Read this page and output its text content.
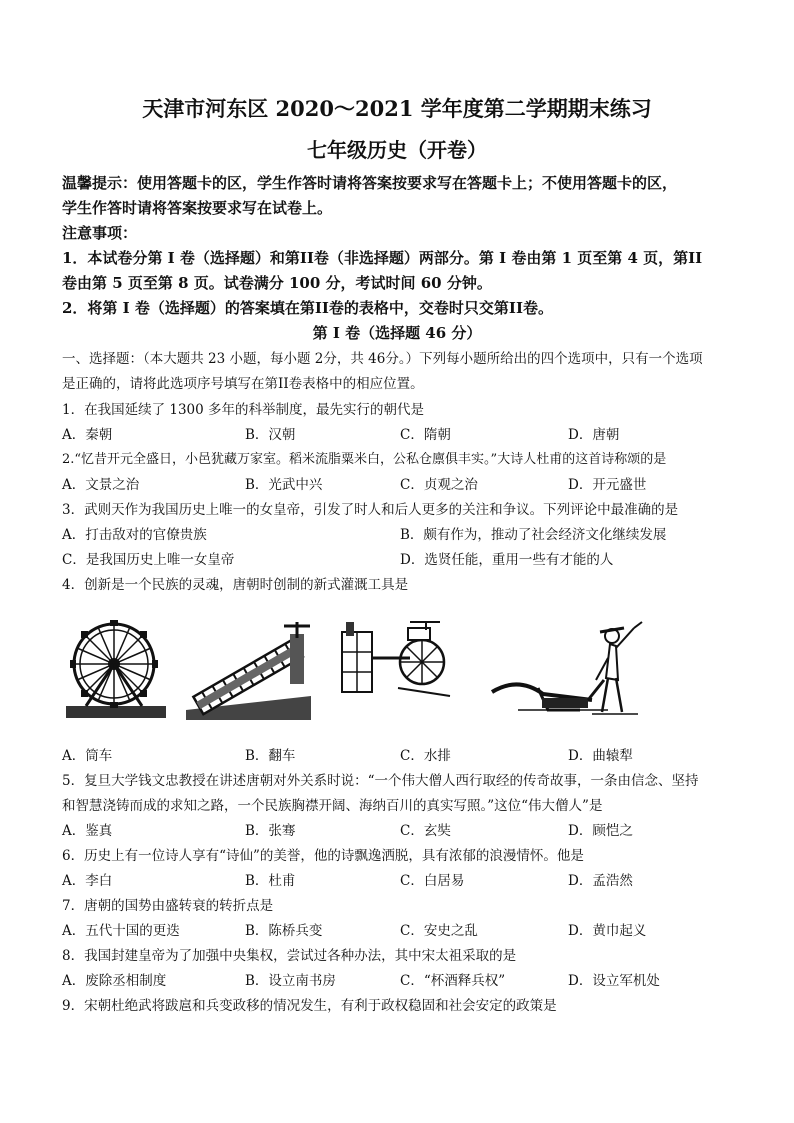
天津市河东区 2020～2021 学年度第二学期期末练习
七年级历史（开卷）
温馨提示：使用答题卡的区，学生作答时请将答案按要求写在答题卡上；不使用答题卡的区，
学生作答时请将答案按要求写在试卷上。
注意事项：
1．本试卷分第 I 卷（选择题）和第II卷（非选择题）两部分。第 I 卷由第 1 页至第 4 页，第II
卷由第 5 页至第 8 页。试卷满分 100 分，考试时间 60 分钟。
2．将第 I 卷（选择题）的答案填在第II卷的表格中，交卷时只交第II卷。
第 I 卷（选择题 46 分）
一、选择题：（本大题共 23 小题，每小题 2分，共 46分。）下列每小题所给出的四个选项中，只有一个选项
是正确的，请将此选项序号填写在第II卷表格中的相应位置。
1．在我国延续了 1300 多年的科举制度，最先实行的朝代是
A．秦朝	B．汉朝	C．隋朝	D．唐朝
2.“忆昔开元全盛日，小邑犹藏万家室。稻米流脂粟米白，公私仓廪俱丰实。”大诗人杜甫的这首诗称颂的是
A．文景之治	B．光武中兴	C．贞观之治	D．开元盛世
3．武则天作为我国历史上唯一的女皇帝，引发了时人和后人更多的关注和争议。下列评论中最准确的是
A．打击敌对的官僚贵族	B．颇有作为，推动了社会经济文化继续发展
C．是我国历史上唯一女皇帝	D．选贤任能，重用一些有才能的人
4．创新是一个民族的灵魂，唐朝时创制的新式灌溉工具是
A．筒车	B．翻车	C．水排	D．曲辕犁
5．复旦大学钱文忠教授在讲述唐朝对外关系时说：“一个伟大僧人西行取经的传奇故事，一条由信念、坚持
和智慧浇铸而成的求知之路，一个民族胸襟开阔、海纳百川的真实写照。”这位“伟大僧人”是
A．鉴真	B．张骞	C．玄奘	D．顾恺之
6．历史上有一位诗人享有“诗仙”的美誉，他的诗飘逸洒脱，具有浓郁的浪漫情怀。他是
A．李白	B．杜甫	C．白居易	D．孟浩然
7．唐朝的国势由盛转衰的转折点是
A．五代十国的更迭	B．陈桥兵变	C．安史之乱	D．黄巾起义
8．我国封建皇帝为了加强中央集权，尝试过各种办法，其中宋太祖采取的是
A．废除丞相制度	B．设立南书房	C．“杯酒释兵权”	D．设立军机处
9．宋朝杜绝武将跋扈和兵变政移的情况发生，有利于政权稳固和社会安定的政策是
